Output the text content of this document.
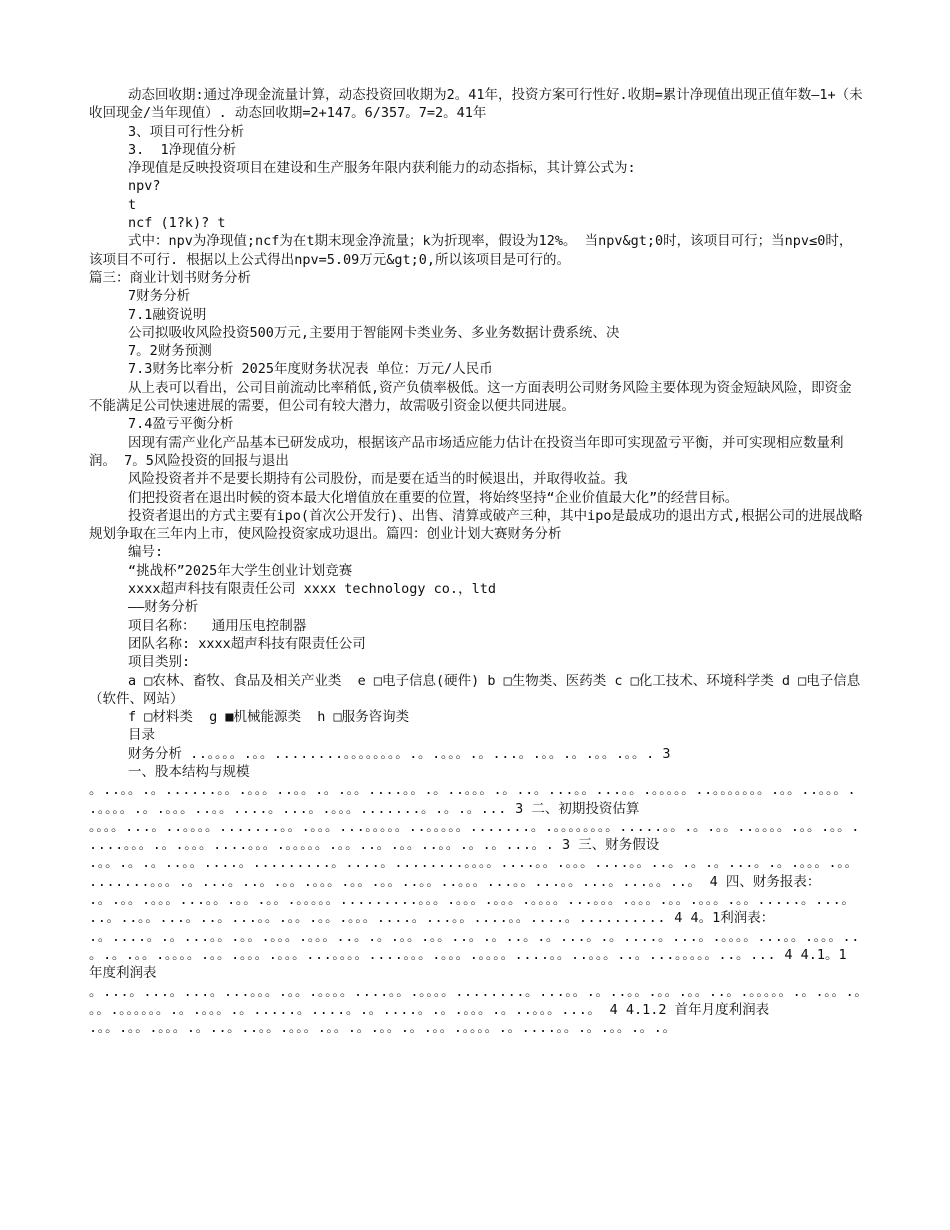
动态回收期:通过净现金流量计算，动态投资回收期为2。41年，投资方案可行性好.收期=累计净现值出现正值年数—1+（未收回现金/当年现值）. 动态回收期=2+147。6/357。7=2。41年
3、项目可行性分析
3.  1净现值分析
净现值是反映投资项目在建设和生产服务年限内获利能力的动态指标，其计算公式为:
npv?
t
ncf (1?k)? t
式中：npv为净现值;ncf为在t期末现金净流量；k为折现率，假设为12%。 当npv&gt;0时，该项目可行；当npv≤0时，该项目不可行. 根据以上公式得出npv=5.09万元&gt;0,所以该项目是可行的。
篇三：商业计划书财务分析
7财务分析
7.1融资说明
公司拟吸收风险投资500万元,主要用于智能网卡类业务、多业务数据计费系统、决
7。2财务预测
7.3财务比率分析 2025年度财务状况表 单位：万元/人民币
从上表可以看出，公司目前流动比率稍低,资产负债率极低。这一方面表明公司财务风险主要体现为资金短缺风险，即资金不能满足公司快速进展的需要，但公司有较大潜力，故需吸引资金以便共同进展。
7.4盈亏平衡分析
因现有需产业化产品基本已研发成功，根据该产品市场适应能力估计在投资当年即可实现盈亏平衡，并可实现相应数量利润。 7。5风险投资的回报与退出
风险投资者并不是要长期持有公司股份，而是要在适当的时候退出，并取得收益。我
们把投资者在退出时候的资本最大化增值放在重要的位置，将始终坚持“企业价值最大化”的经营目标。
投资者退出的方式主要有ipo(首次公开发行)、出售、清算或破产三种，其中ipo是最成功的退出方式,根据公司的进展战略规划争取在三年内上市，使风险投资家成功退出。篇四：创业计划大赛财务分析
编号:
“挑战杯”2025年大学生创业计划竞赛
xxxx超声科技有限责任公司 xxxx technology co.，ltd
——财务分析
项目名称：  通用压电控制器
团队名称: xxxx超声科技有限责任公司
项目类别:
a □农林、畜牧、食品及相关产业类  e □电子信息(硬件) b □生物类、医药类 c □化工技术、环境科学类 d □电子信息（软件、网站）
f □材料类  g ■机械能源类  h □服务咨询类
目录
财务分析 ..。。。。.。。........。。。。。。。。.。.。。。.。...。.。。.。.。。.。。. 3
一、股本结构与规模
。..。。.。......。。.。。。..。。.。.。。....。。.。..。。。.。..。...。。...。。.。。。。。..。。。。。。。.。。..。。。..。。。。.。.。。。..。。....。...。.。。。.......。.。.。... 3 二、初期投资估算
。。。。...。..。。。。.......。。.。。。...。。。。。..。。。。。.......。.。。。。。。。。.....。。.。.。。..。。。。.。。.。。.....。。。.。.。。。....。。。.。。。。。.。。..。.。。..。。.。.。...。. 3 三、财务假设
.。。.。.。..。。....。.........。....。........。。。。....。。.。。。....。。..。.。.。...。.。.。。。.。。.......。。。.。...。..。.。。.。。。.。。.。。..。。..。。。...。。...。。...。...。。..。 4 四、财务报表：
.。.。。.。。。...。。.。。.。。.。。。。。.........。。。.。。。.。。。.。。。。...。。。.。。。.。。.。。。.。。.....。...。..。..。。...。..。...。。.。。.。。.。。。....。...。。....。。....。.......... 4 4。1利润表：
.。....。.。...。。.。。.。。。.。。。..。.。.。。.。。..。.。..。.。...。.。....。...。.。。。。...。。.。。。..。.。.。。.。。。。.。。.。。。.。。。...。。。。....。。。.。。。.。。。。....。。..。。。..。...。。。。。..。... 4 4.1。1 年度利润表
。...。...。...。...。。。.。。.。。。。....。。.。。。。........。...。。.。..。。.。。.。。..。.。。。。。.。.。。.。。。.。。。。。。.。.。。。.。.....。....。.。....。.。.。。。.。..。。。...。 4 4.1.2 首年月度利润表
.。。.。。.。。。.。..。..。。.。。。.。。.。.。。.。.。。.。。。。.。....。。.。.。。.。.。
